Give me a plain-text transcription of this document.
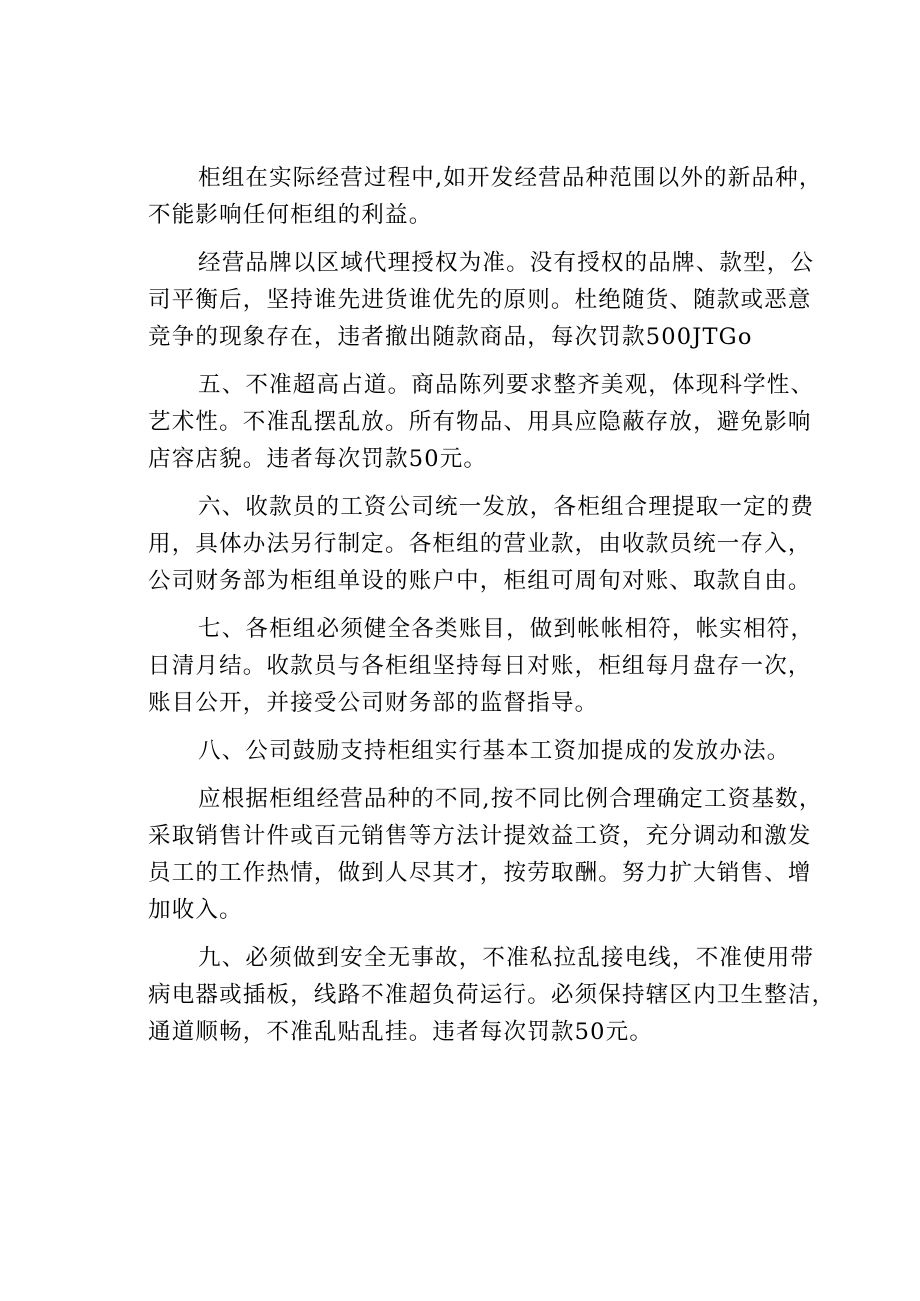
柜组在实际经营过程中,如开发经营品种范围以外的新品种，
不能影响任何柜组的利益。

经营品牌以区域代理授权为准。没有授权的品牌、款型，公
司平衡后，坚持谁先进货谁优先的原则。杜绝随货、随款或恶意
竞争的现象存在，违者撤出随款商品，每次罚款500JTGo

五、不准超高占道。商品陈列要求整齐美观，体现科学性、
艺术性。不准乱摆乱放。所有物品、用具应隐蔽存放，避免影响
店容店貌。违者每次罚款50元。

六、收款员的工资公司统一发放，各柜组合理提取一定的费
用，具体办法另行制定。各柜组的营业款，由收款员统一存入，
公司财务部为柜组单设的账户中，柜组可周旬对账、取款自由。

七、各柜组必须健全各类账目，做到帐帐相符，帐实相符，
日清月结。收款员与各柜组坚持每日对账，柜组每月盘存一次，
账目公开，并接受公司财务部的监督指导。

八、公司鼓励支持柜组实行基本工资加提成的发放办法。

应根据柜组经营品种的不同,按不同比例合理确定工资基数，
采取销售计件或百元销售等方法计提效益工资，充分调动和激发
员工的工作热情，做到人尽其才，按劳取酬。努力扩大销售、增
加收入。

九、必须做到安全无事故，不准私拉乱接电线，不准使用带
病电器或插板，线路不准超负荷运行。必须保持辖区内卫生整洁，
通道顺畅，不准乱贴乱挂。违者每次罚款50元。
